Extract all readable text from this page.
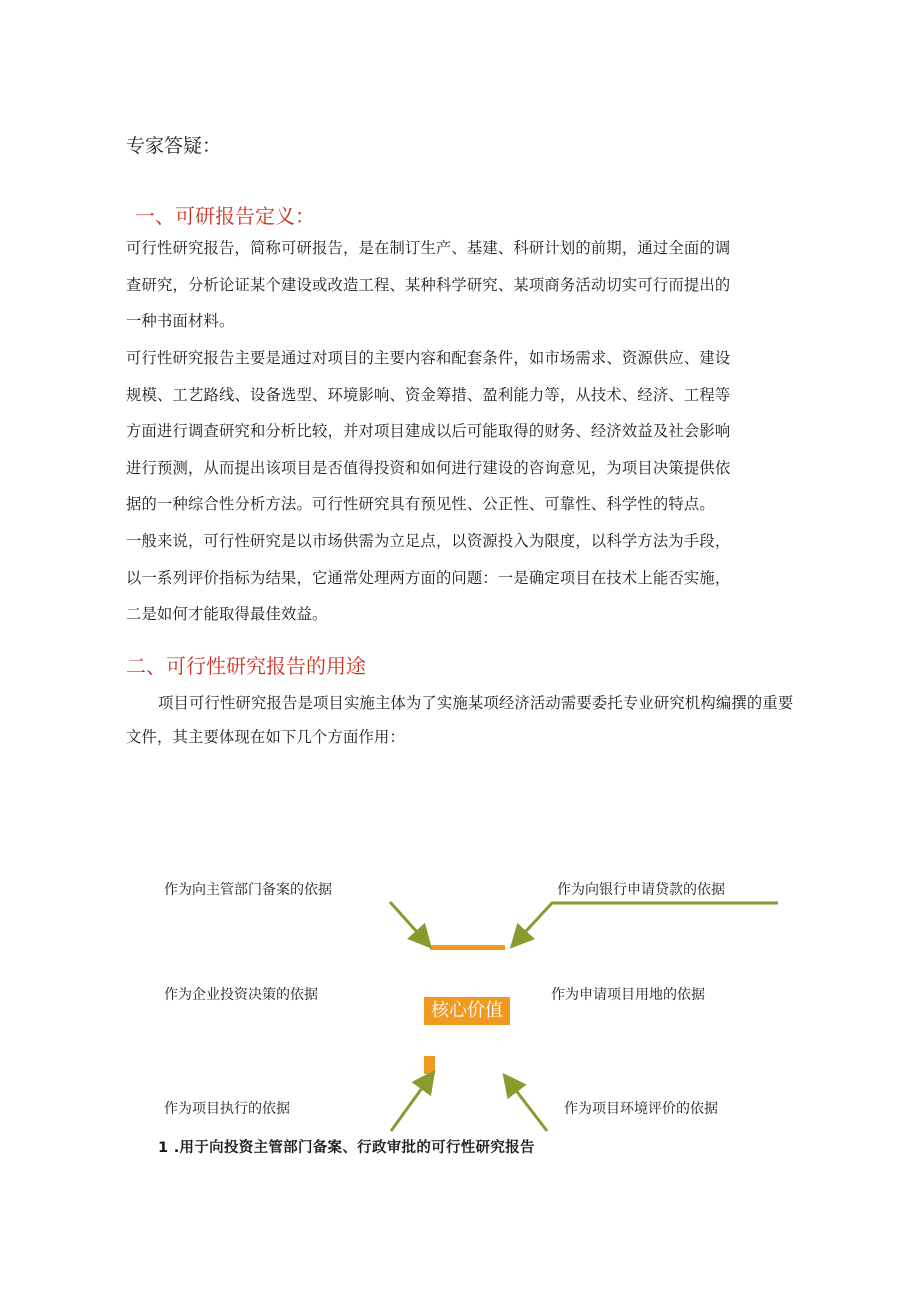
专家答疑：
一、可研报告定义：
可行性研究报告，简称可研报告，是在制订生产、基建、科研计划的前期，通过全面的调
查研究，分析论证某个建设或改造工程、某种科学研究、某项商务活动切实可行而提出的
一种书面材料。
可行性研究报告主要是通过对项目的主要内容和配套条件，如市场需求、资源供应、建设
规模、工艺路线、设备选型、环境影响、资金筹措、盈利能力等，从技术、经济、工程等
方面进行调查研究和分析比较，并对项目建成以后可能取得的财务、经济效益及社会影响
进行预测，从而提出该项目是否值得投资和如何进行建设的咨询意见，为项目决策提供依
据的一种综合性分析方法。可行性研究具有预见性、公正性、可靠性、科学性的特点。
一般来说，可行性研究是以市场供需为立足点，以资源投入为限度，以科学方法为手段，
以一系列评价指标为结果，它通常处理两方面的问题：一是确定项目在技术上能否实施，
二是如何才能取得最佳效益。
二、可行性研究报告的用途
项目可行性研究报告是项目实施主体为了实施某项经济活动需要委托专业研究机构编撰的重要
文件，其主要体现在如下几个方面作用：
作为向主管部门备案的依据	作为向银行申请贷款的依据
作为企业投资决策的依据	作为申请项目用地的依据
作为项目执行的依据	作为项目环境评价的依据
核心价值
1 .用于向投资主管部门备案、行政审批的可行性研究报告
